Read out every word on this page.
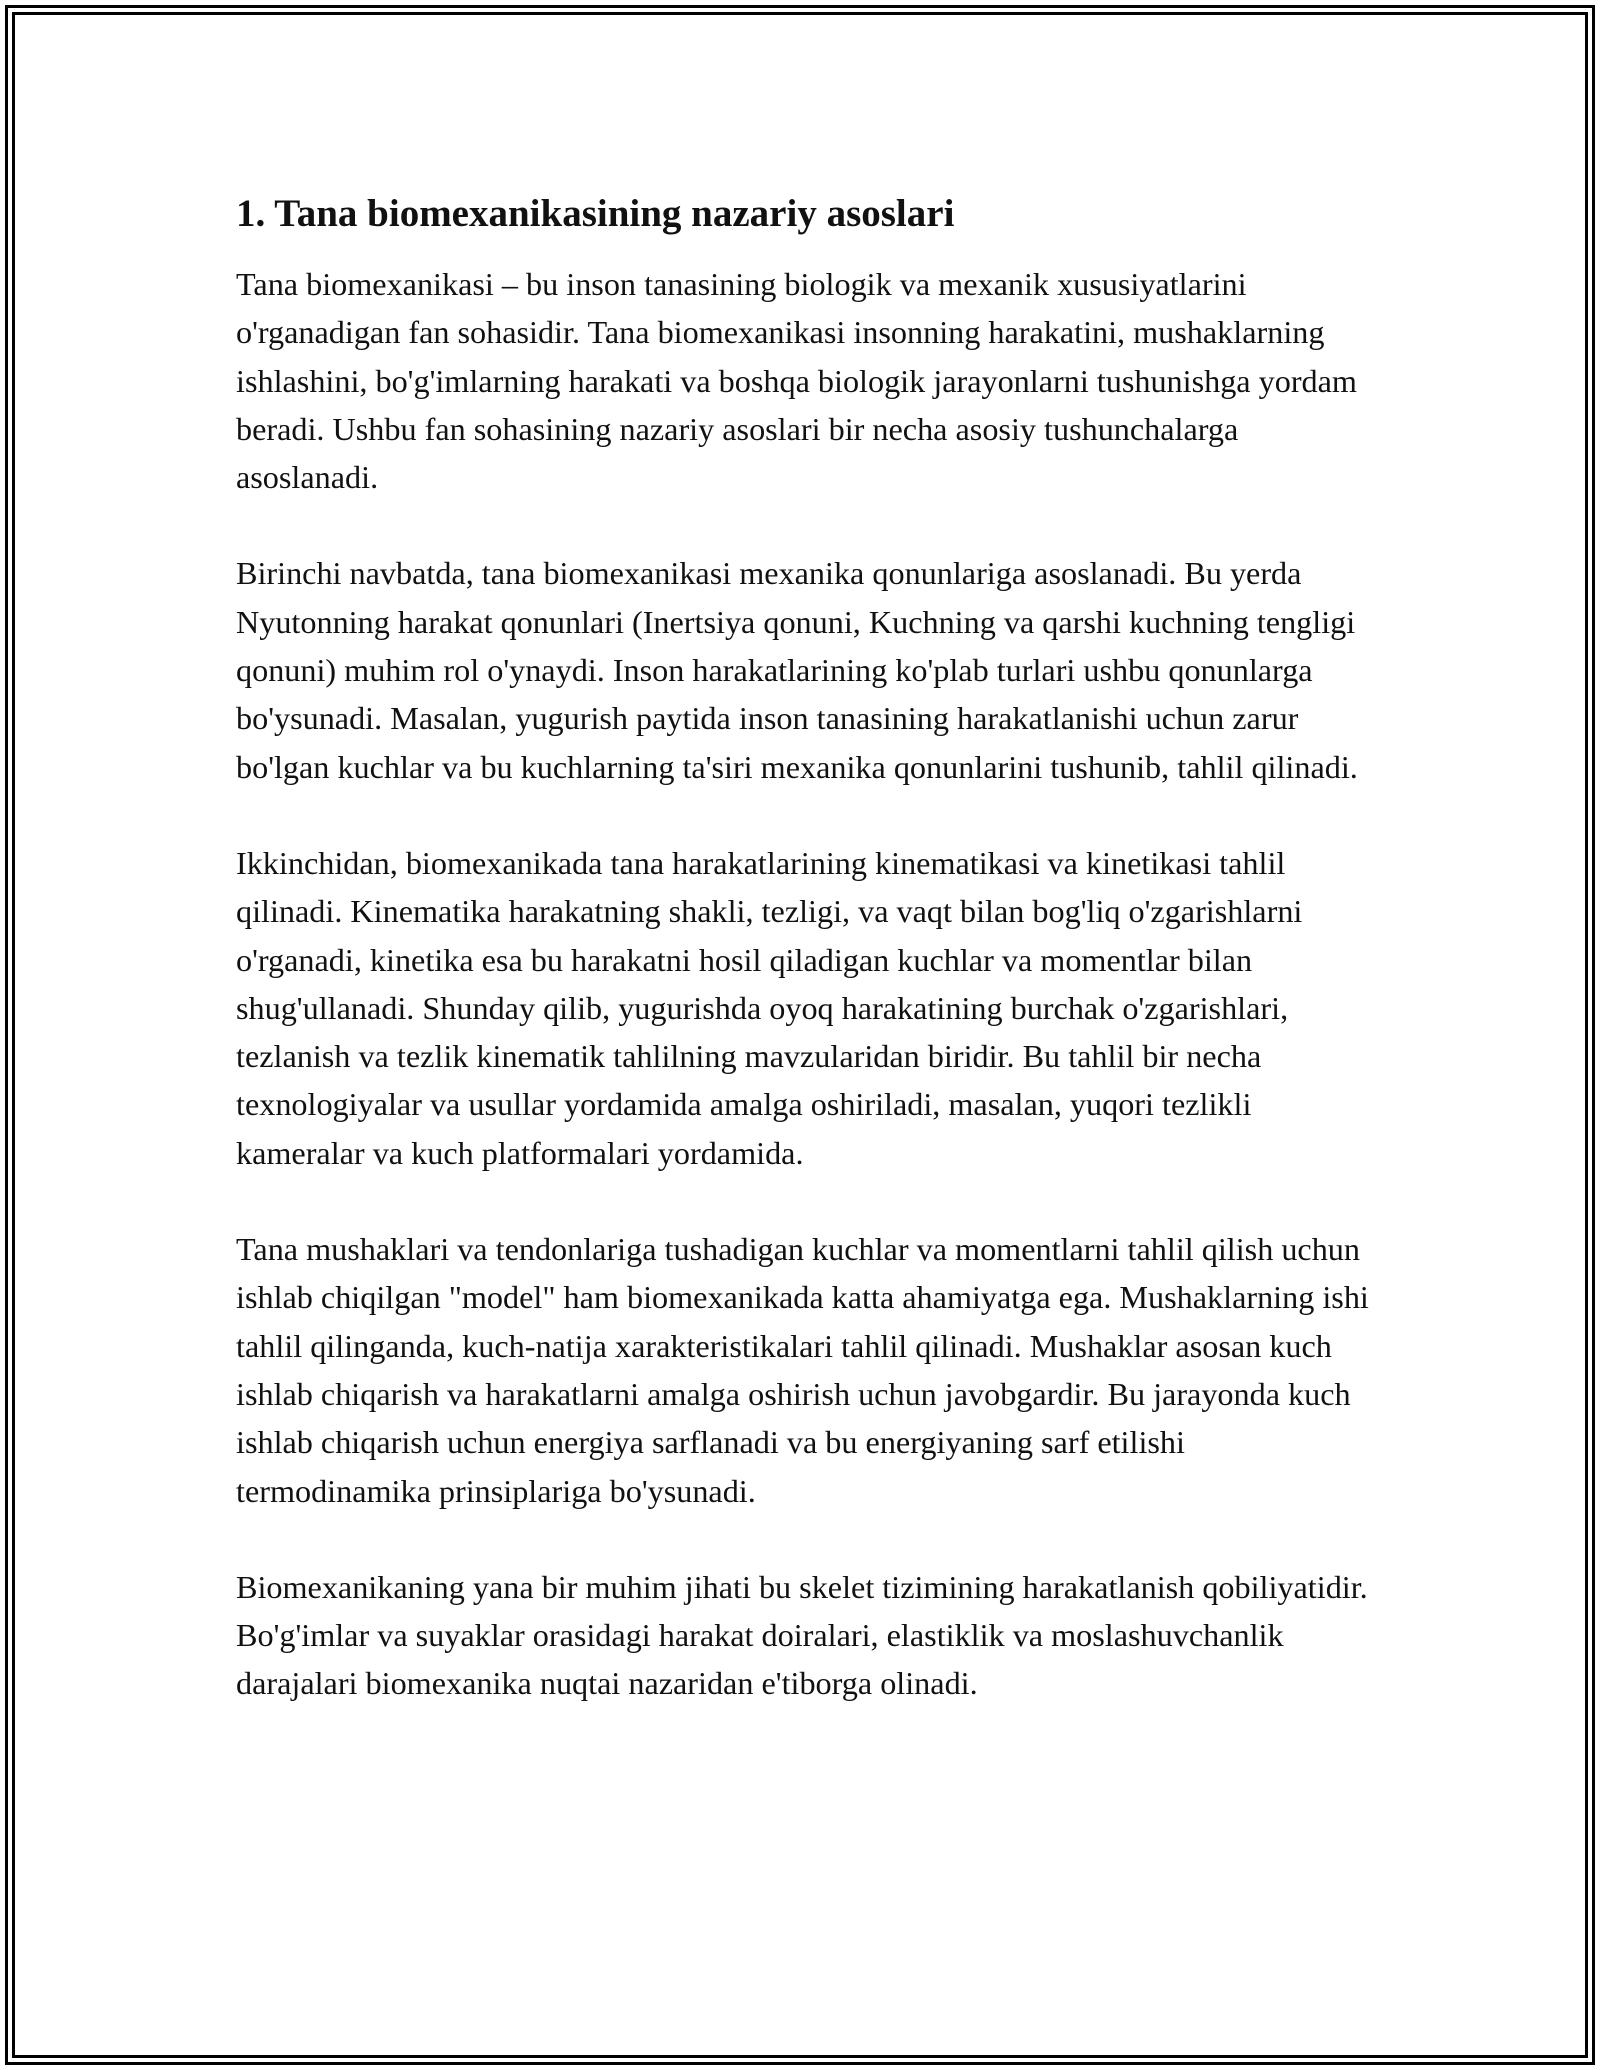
1. Tana biomexanikasining nazariy asoslari

Tana biomexanikasi – bu inson tanasining biologik va mexanik xususiyatlarini o'rganadigan fan sohasidir. Tana biomexanikasi insonning harakatini, mushaklarning ishlashini, bo'g'imlarning harakati va boshqa biologik jarayonlarni tushunishga yordam beradi. Ushbu fan sohasining nazariy asoslari bir necha asosiy tushunchalarga asoslanadi.

Birinchi navbatda, tana biomexanikasi mexanika qonunlariga asoslanadi. Bu yerda Nyutonning harakat qonunlari (Inertsiya qonuni, Kuchning va qarshi kuchning tengligi qonuni) muhim rol o'ynaydi. Inson harakatlarining ko'plab turlari ushbu qonunlarga bo'ysunadi. Masalan, yugurish paytida inson tanasining harakatlanishi uchun zarur bo'lgan kuchlar va bu kuchlarning ta'siri mexanika qonunlarini tushunib, tahlil qilinadi.

Ikkinchidan, biomexanikada tana harakatlarining kinematikasi va kinetikasi tahlil qilinadi. Kinematika harakatning shakli, tezligi, va vaqt bilan bog'liq o'zgarishlarni o'rganadi, kinetika esa bu harakatni hosil qiladigan kuchlar va momentlar bilan shug'ullanadi. Shunday qilib, yugurishda oyoq harakatining burchak o'zgarishlari, tezlanish va tezlik kinematik tahlilning mavzularidan biridir. Bu tahlil bir necha texnologiyalar va usullar yordamida amalga oshiriladi, masalan, yuqori tezlikli kameralar va kuch platformalari yordamida.

Tana mushaklari va tendonlariga tushadigan kuchlar va momentlarni tahlil qilish uchun ishlab chiqilgan "model" ham biomexanikada katta ahamiyatga ega. Mushaklarning ishi tahlil qilinganda, kuch-natija xarakteristikalari tahlil qilinadi. Mushaklar asosan kuch ishlab chiqarish va harakatlarni amalga oshirish uchun javobgardir. Bu jarayonda kuch ishlab chiqarish uchun energiya sarflanadi va bu energiyaning sarf etilishi termodinamika prinsiplariga bo'ysunadi.

Biomexanikaning yana bir muhim jihati bu skelet tizimining harakatlanish qobiliyatidir. Bo'g'imlar va suyaklar orasidagi harakat doiralari, elastiklik va moslashuvchanlik darajalari biomexanika nuqtai nazaridan e'tiborga olinadi.
